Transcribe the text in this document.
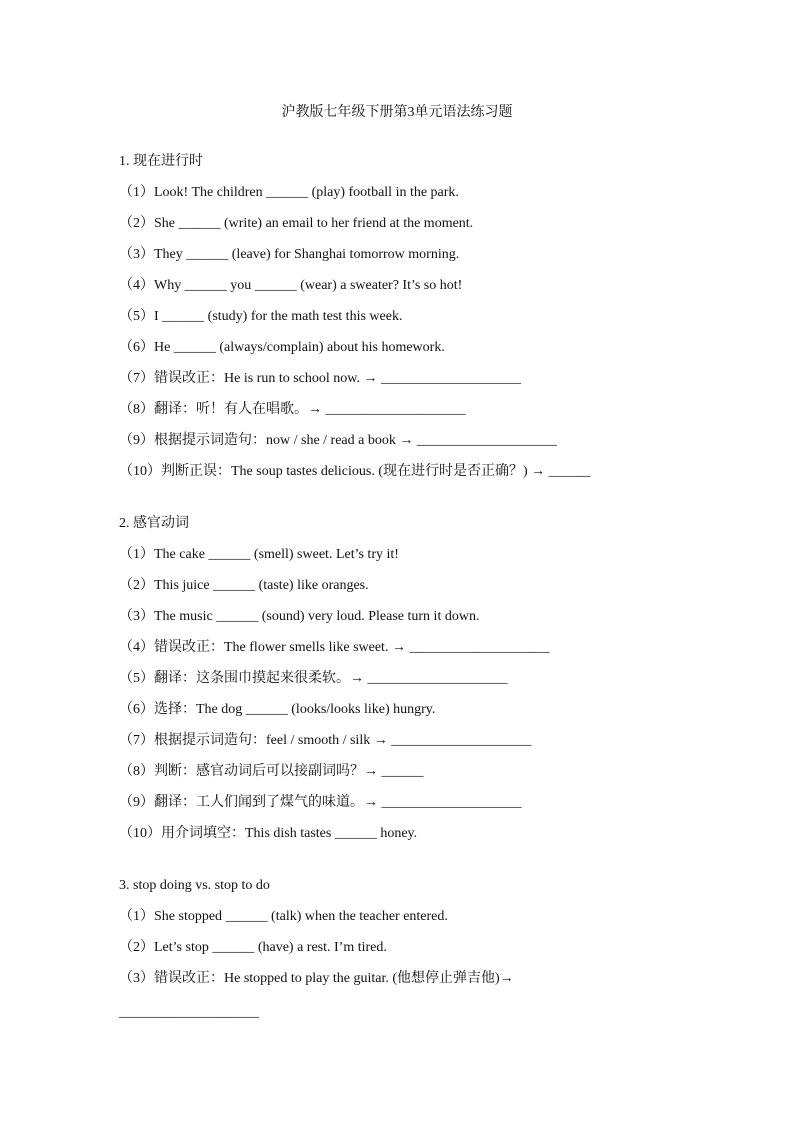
沪教版七年级下册第3单元语法练习题
1. 现在进行时
（1）Look! The children ______ (play) football in the park.
（2）She ______ (write) an email to her friend at the moment.
（3）They ______ (leave) for Shanghai tomorrow morning.
（4）Why ______ you ______ (wear) a sweater? It’s so hot!
（5）I ______ (study) for the math test this week.
（6）He ______ (always/complain) about his homework.
（7）错误改正：He is run to school now. → ____________________
（8）翻译：听！有人在唱歌。→ ____________________
（9）根据提示词造句：now / she / read a book → ____________________
（10）判断正误：The soup tastes delicious. (现在进行时是否正确？) → ______
2. 感官动词
（1）The cake ______ (smell) sweet. Let’s try it!
（2）This juice ______ (taste) like oranges.
（3）The music ______ (sound) very loud. Please turn it down.
（4）错误改正：The flower smells like sweet. → ____________________
（5）翻译：这条围巾摸起来很柔软。→ ____________________
（6）选择：The dog ______ (looks/looks like) hungry.
（7）根据提示词造句：feel / smooth / silk → ____________________
（8）判断：感官动词后可以接副词吗？→ ______
（9）翻译：工人们闻到了煤气的味道。→ ____________________
（10）用介词填空：This dish tastes ______ honey.
3. stop doing vs. stop to do
（1）She stopped ______ (talk) when the teacher entered.
（2）Let’s stop ______ (have) a rest. I’m tired.
（3）错误改正：He stopped to play the guitar. (他想停止弹吉他)→
____________________
